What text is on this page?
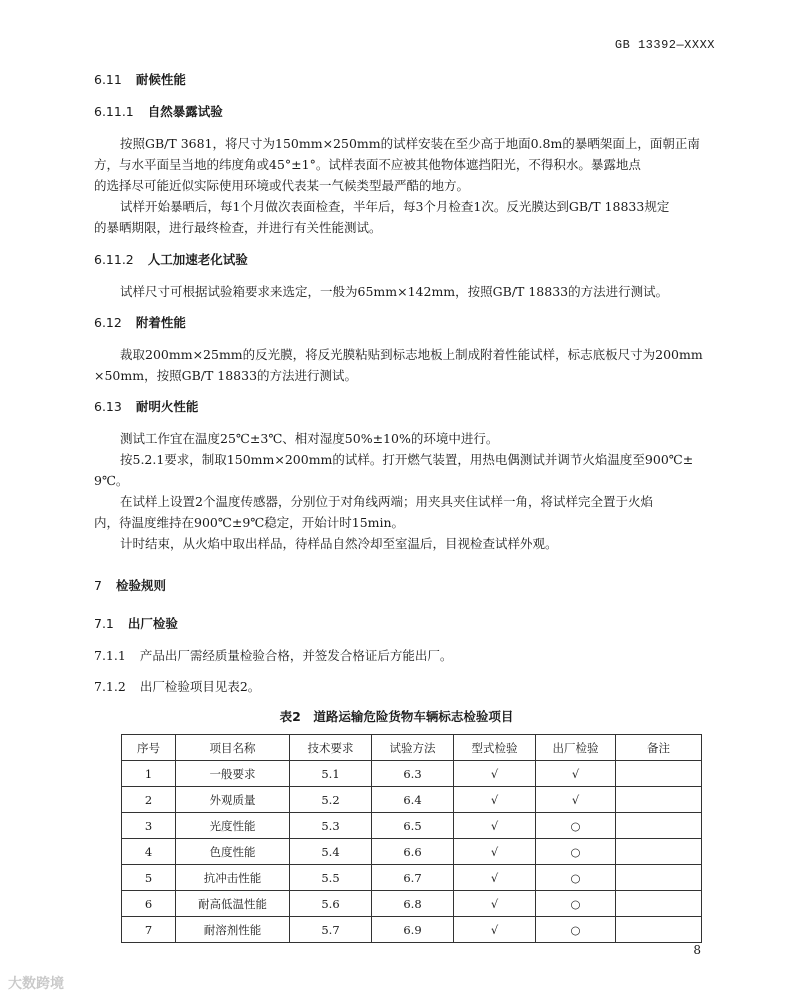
GB 13392—XXXX
6.11 耐候性能
6.11.1 自然暴露试验
按照GB/T 3681，将尺寸为150mm×250mm的试样安装在至少高于地面0.8m的暴晒架面上，面朝正南
方，与水平面呈当地的纬度角或45°±1°。试样表面不应被其他物体遮挡阳光，不得积水。暴露地点
的选择尽可能近似实际使用环境或代表某一气候类型最严酷的地方。
试样开始暴晒后，每1个月做次表面检查，半年后，每3个月检查1次。反光膜达到GB/T 18833规定
的暴晒期限，进行最终检查，并进行有关性能测试。
6.11.2 人工加速老化试验
试样尺寸可根据试验箱要求来选定，一般为65mm×142mm，按照GB/T 18833的方法进行测试。
6.12 附着性能
裁取200mm×25mm的反光膜，将反光膜粘贴到标志地板上制成附着性能试样，标志底板尺寸为200mm
×50mm，按照GB/T 18833的方法进行测试。
6.13 耐明火性能
测试工作宜在温度25℃±3℃、相对湿度50%±10%的环境中进行。
按5.2.1要求，制取150mm×200mm的试样。打开燃气装置，用热电偶测试并调节火焰温度至900℃±
9℃。
在试样上设置2个温度传感器，分别位于对角线两端；用夹具夹住试样一角，将试样完全置于火焰
内，待温度维持在900℃±9℃稳定，开始计时15min。
计时结束，从火焰中取出样品，待样品自然冷却至室温后，目视检查试样外观。
7 检验规则
7.1 出厂检验
7.1.1 产品出厂需经质量检验合格，并签发合格证后方能出厂。
7.1.2 出厂检验项目见表2。
表2　道路运输危险货物车辆标志检验项目
序号	项目名称	技术要求	试验方法	型式检验	出厂检验	备注
1	一般要求	5.1	6.3	√	√	
2	外观质量	5.2	6.4	√	√	
3	光度性能	5.3	6.5	√	○	
4	色度性能	5.4	6.6	√	○	
5	抗冲击性能	5.5	6.7	√	○	
6	耐高低温性能	5.6	6.8	√	○	
7	耐溶剂性能	5.7	6.9	√	○	
8
大数跨境
